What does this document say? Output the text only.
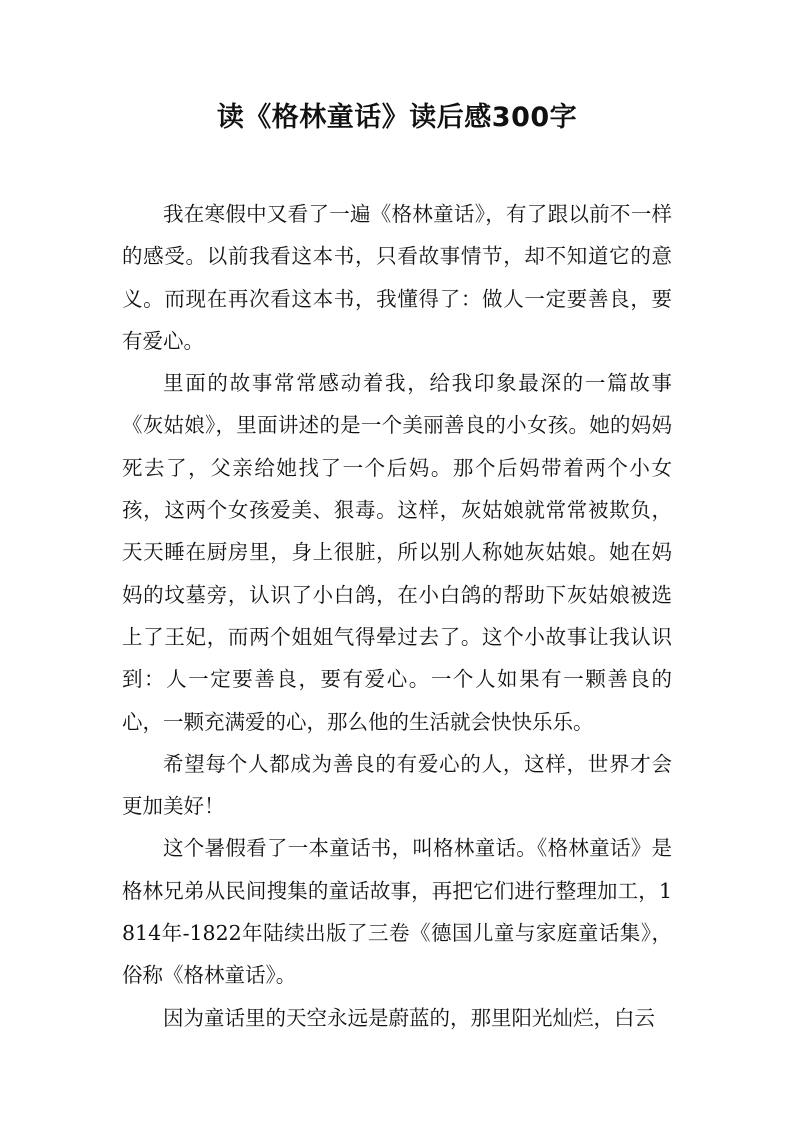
读《格林童话》读后感300字

我在寒假中又看了一遍《格林童话》，有了跟以前不一样的感受。以前我看这本书，只看故事情节，却不知道它的意义。而现在再次看这本书，我懂得了：做人一定要善良，要有爱心。

里面的故事常常感动着我，给我印象最深的一篇故事《灰姑娘》，里面讲述的是一个美丽善良的小女孩。她的妈妈死去了，父亲给她找了一个后妈。那个后妈带着两个小女孩，这两个女孩爱美、狠毒。这样，灰姑娘就常常被欺负，天天睡在厨房里，身上很脏，所以别人称她灰姑娘。她在妈妈的坟墓旁，认识了小白鸽，在小白鸽的帮助下灰姑娘被选上了王妃，而两个姐姐气得晕过去了。这个小故事让我认识到：人一定要善良，要有爱心。一个人如果有一颗善良的心，一颗充满爱的心，那么他的生活就会快快乐乐。

希望每个人都成为善良的有爱心的人，这样，世界才会更加美好！

这个暑假看了一本童话书，叫格林童话。《格林童话》是格林兄弟从民间搜集的童话故事，再把它们进行整理加工，1814年-1822年陆续出版了三卷《德国儿童与家庭童话集》，俗称《格林童话》。

因为童话里的天空永远是蔚蓝的，那里阳光灿烂，白云
